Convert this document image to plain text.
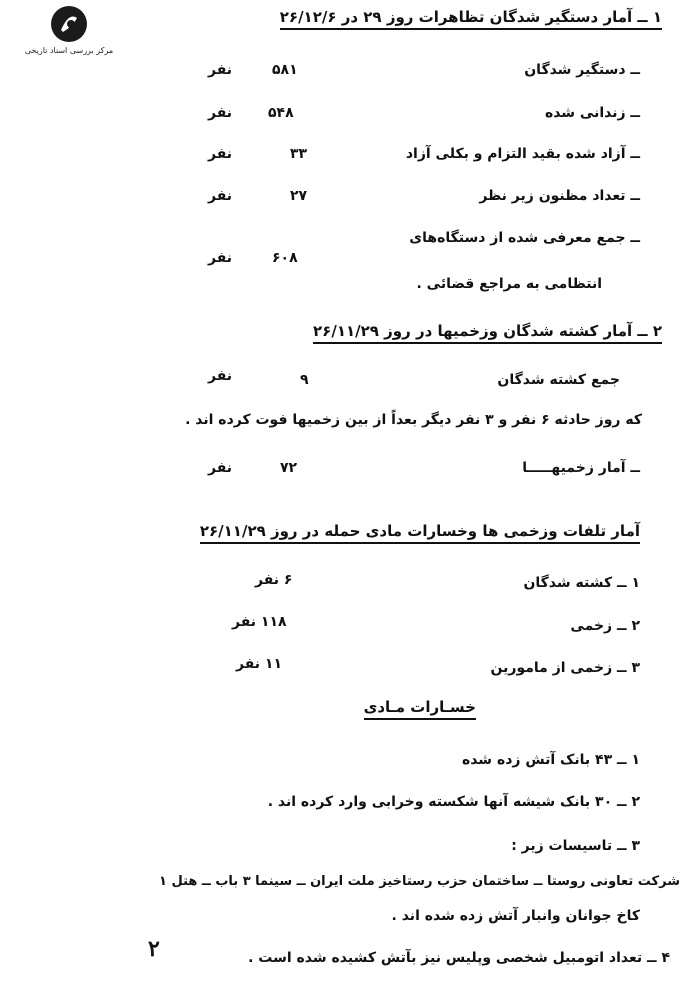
مرکز بررسی اسناد تاریخی
۱ ــ آمار دستگیر شدگان تظاهرات روز ۲۹ در ۲۶/۱۲/۶
ــ دستگیر شدگان
۵۸۱
نفر
ــ زندانی شده
۵۴۸
نفر
ــ آزاد شده بقید التزام و بکلی آزاد
۳۳
نفر
ــ تعداد مظنون زیر نظر
۲۷
نفر
ــ جمع معرفی شده از دستگاه‌های
۶۰۸
نفر
انتظامی به مراجع قضائی .
۲ ــ آمار کشته شدگان وزخمیها در روز ۲۶/۱۱/۲۹
جمع کشته شدگان
۹
نفر
که روز حادثه ۶ نفر و ۳ نفر دیگر بعداً از بین زخمیها فوت کرده اند .
ــ آمار زخمیهـــــا
۷۲
نفر
آمار تلفات وزخمی ها وخسارات مادی حمله در روز ۲۶/۱۱/۲۹
۱ ــ کشته شدگان
۶ نفر
۲ ــ زخمی
۱۱۸ نفر
۳ ــ زخمی از مامورین
۱۱ نفر
خسـارات مـادی
۱ ــ ۴۳ بانک آتش زده شده
۲ ــ ۳۰ بانک شیشه آنها شکسته وخرابی وارد کرده اند .
۳ ــ تاسیسات زیر :
شرکت تعاونی روستا ــ ساختمان حزب رستاخیز ملت ایران ــ سینما ۳ باب ــ هتل ۱
کاخ جوانان وانبار آتش زده شده اند .
۴ ــ تعداد اتومبیل شخصی وپلیس نیز بآتش کشیده شده است .
۲
